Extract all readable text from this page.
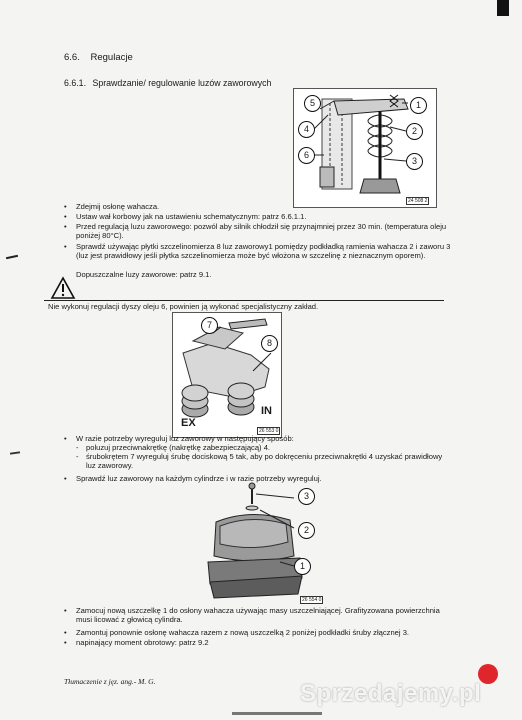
6.6. Regulacje
6.6.1. Sprawdzanie/ regulowanie luzów zaworowych
5
4
6
1
2
3
24 508 2
• Zdejmij osłonę wahacza.
• Ustaw wał korbowy jak na ustawieniu schematycznym: patrz 6.6.1.1.
• Przed regulacją luzu zaworowego: pozwól aby silnik chłodził się przynajmniej przez 30 min. (temperatura oleju poniżej 80°C).
• Sprawdź używając płytki szczelinomierza 8 luz zaworowy1 pomiędzy podkładką ramienia wahacza 2 i zaworu 3 (luz jest prawidłowy jeśli płytka szczelinomierza może być włożona w szczelinę z nieznacznym oporem).
Dopuszczalne luzy zaworowe: patrz 9.1.
Nie wykonuj regulacji dyszy oleju 6, powinien ją wykonać specjalistyczny zakład.
7
8
EX
IN
26 553 0
• W razie potrzeby wyreguluj luz zaworowy w następujący sposób:
- poluzuj przeciwnakrętkę (nakrętkę zabezpieczającą) 4.
- śrubokrętem 7 wyreguluj śrubę dociskową 5 tak, aby po dokręceniu przeciwnakrętki 4 uzyskać prawidłowy luz zaworowy.
• Sprawdź luz zaworowy na każdym cylindrze i w razie potrzeby wyreguluj.
3
2
1
26 554 0
• Zamocuj nową uszczelkę 1 do osłony wahacza używając masy uszczelniającej. Grafityzowana powierzchnia musi licować z głowicą cylindra.
• Zamontuj ponownie osłonę wahacza razem z nową uszczelką 2 poniżej podkładki śruby złącznej 3.
• napinający moment obrotowy: patrz 9.2
Tłumaczenie z jęz. ang.- M. G.	Sprzedajemy.pl
